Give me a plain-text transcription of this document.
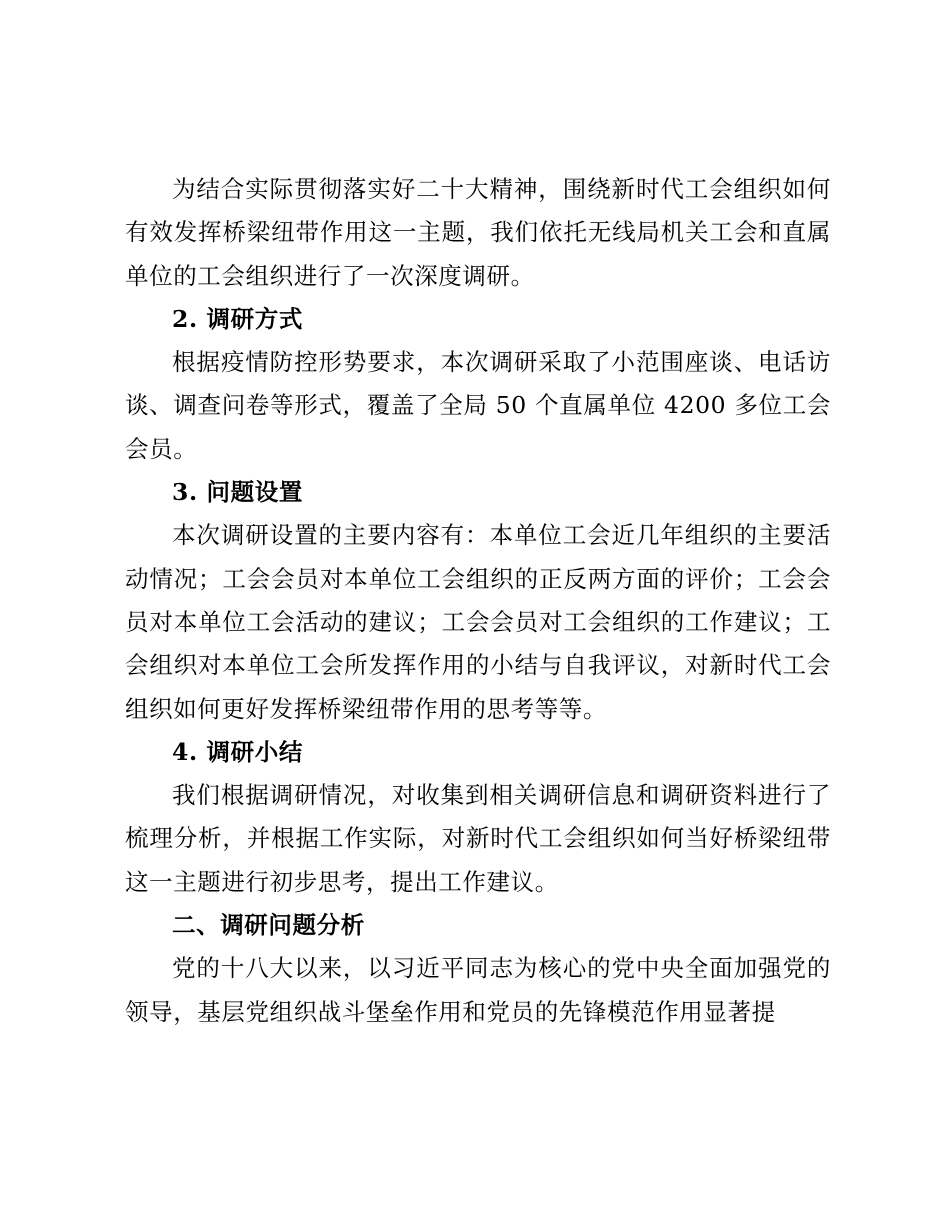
为结合实际贯彻落实好二十大精神，围绕新时代工会组织如何有效发挥桥梁纽带作用这一主题，我们依托无线局机关工会和直属单位的工会组织进行了一次深度调研。

2. 调研方式

根据疫情防控形势要求，本次调研采取了小范围座谈、电话访谈、调查问卷等形式，覆盖了全局 50 个直属单位 4200 多位工会会员。

3. 问题设置

本次调研设置的主要内容有：本单位工会近几年组织的主要活动情况；工会会员对本单位工会组织的正反两方面的评价；工会会员对本单位工会活动的建议；工会会员对工会组织的工作建议；工会组织对本单位工会所发挥作用的小结与自我评议，对新时代工会组织如何更好发挥桥梁纽带作用的思考等等。

4. 调研小结

我们根据调研情况，对收集到相关调研信息和调研资料进行了梳理分析，并根据工作实际，对新时代工会组织如何当好桥梁纽带这一主题进行初步思考，提出工作建议。

二、调研问题分析

党的十八大以来，以习近平同志为核心的党中央全面加强党的领导，基层党组织战斗堡垒作用和党员的先锋模范作用显著提
